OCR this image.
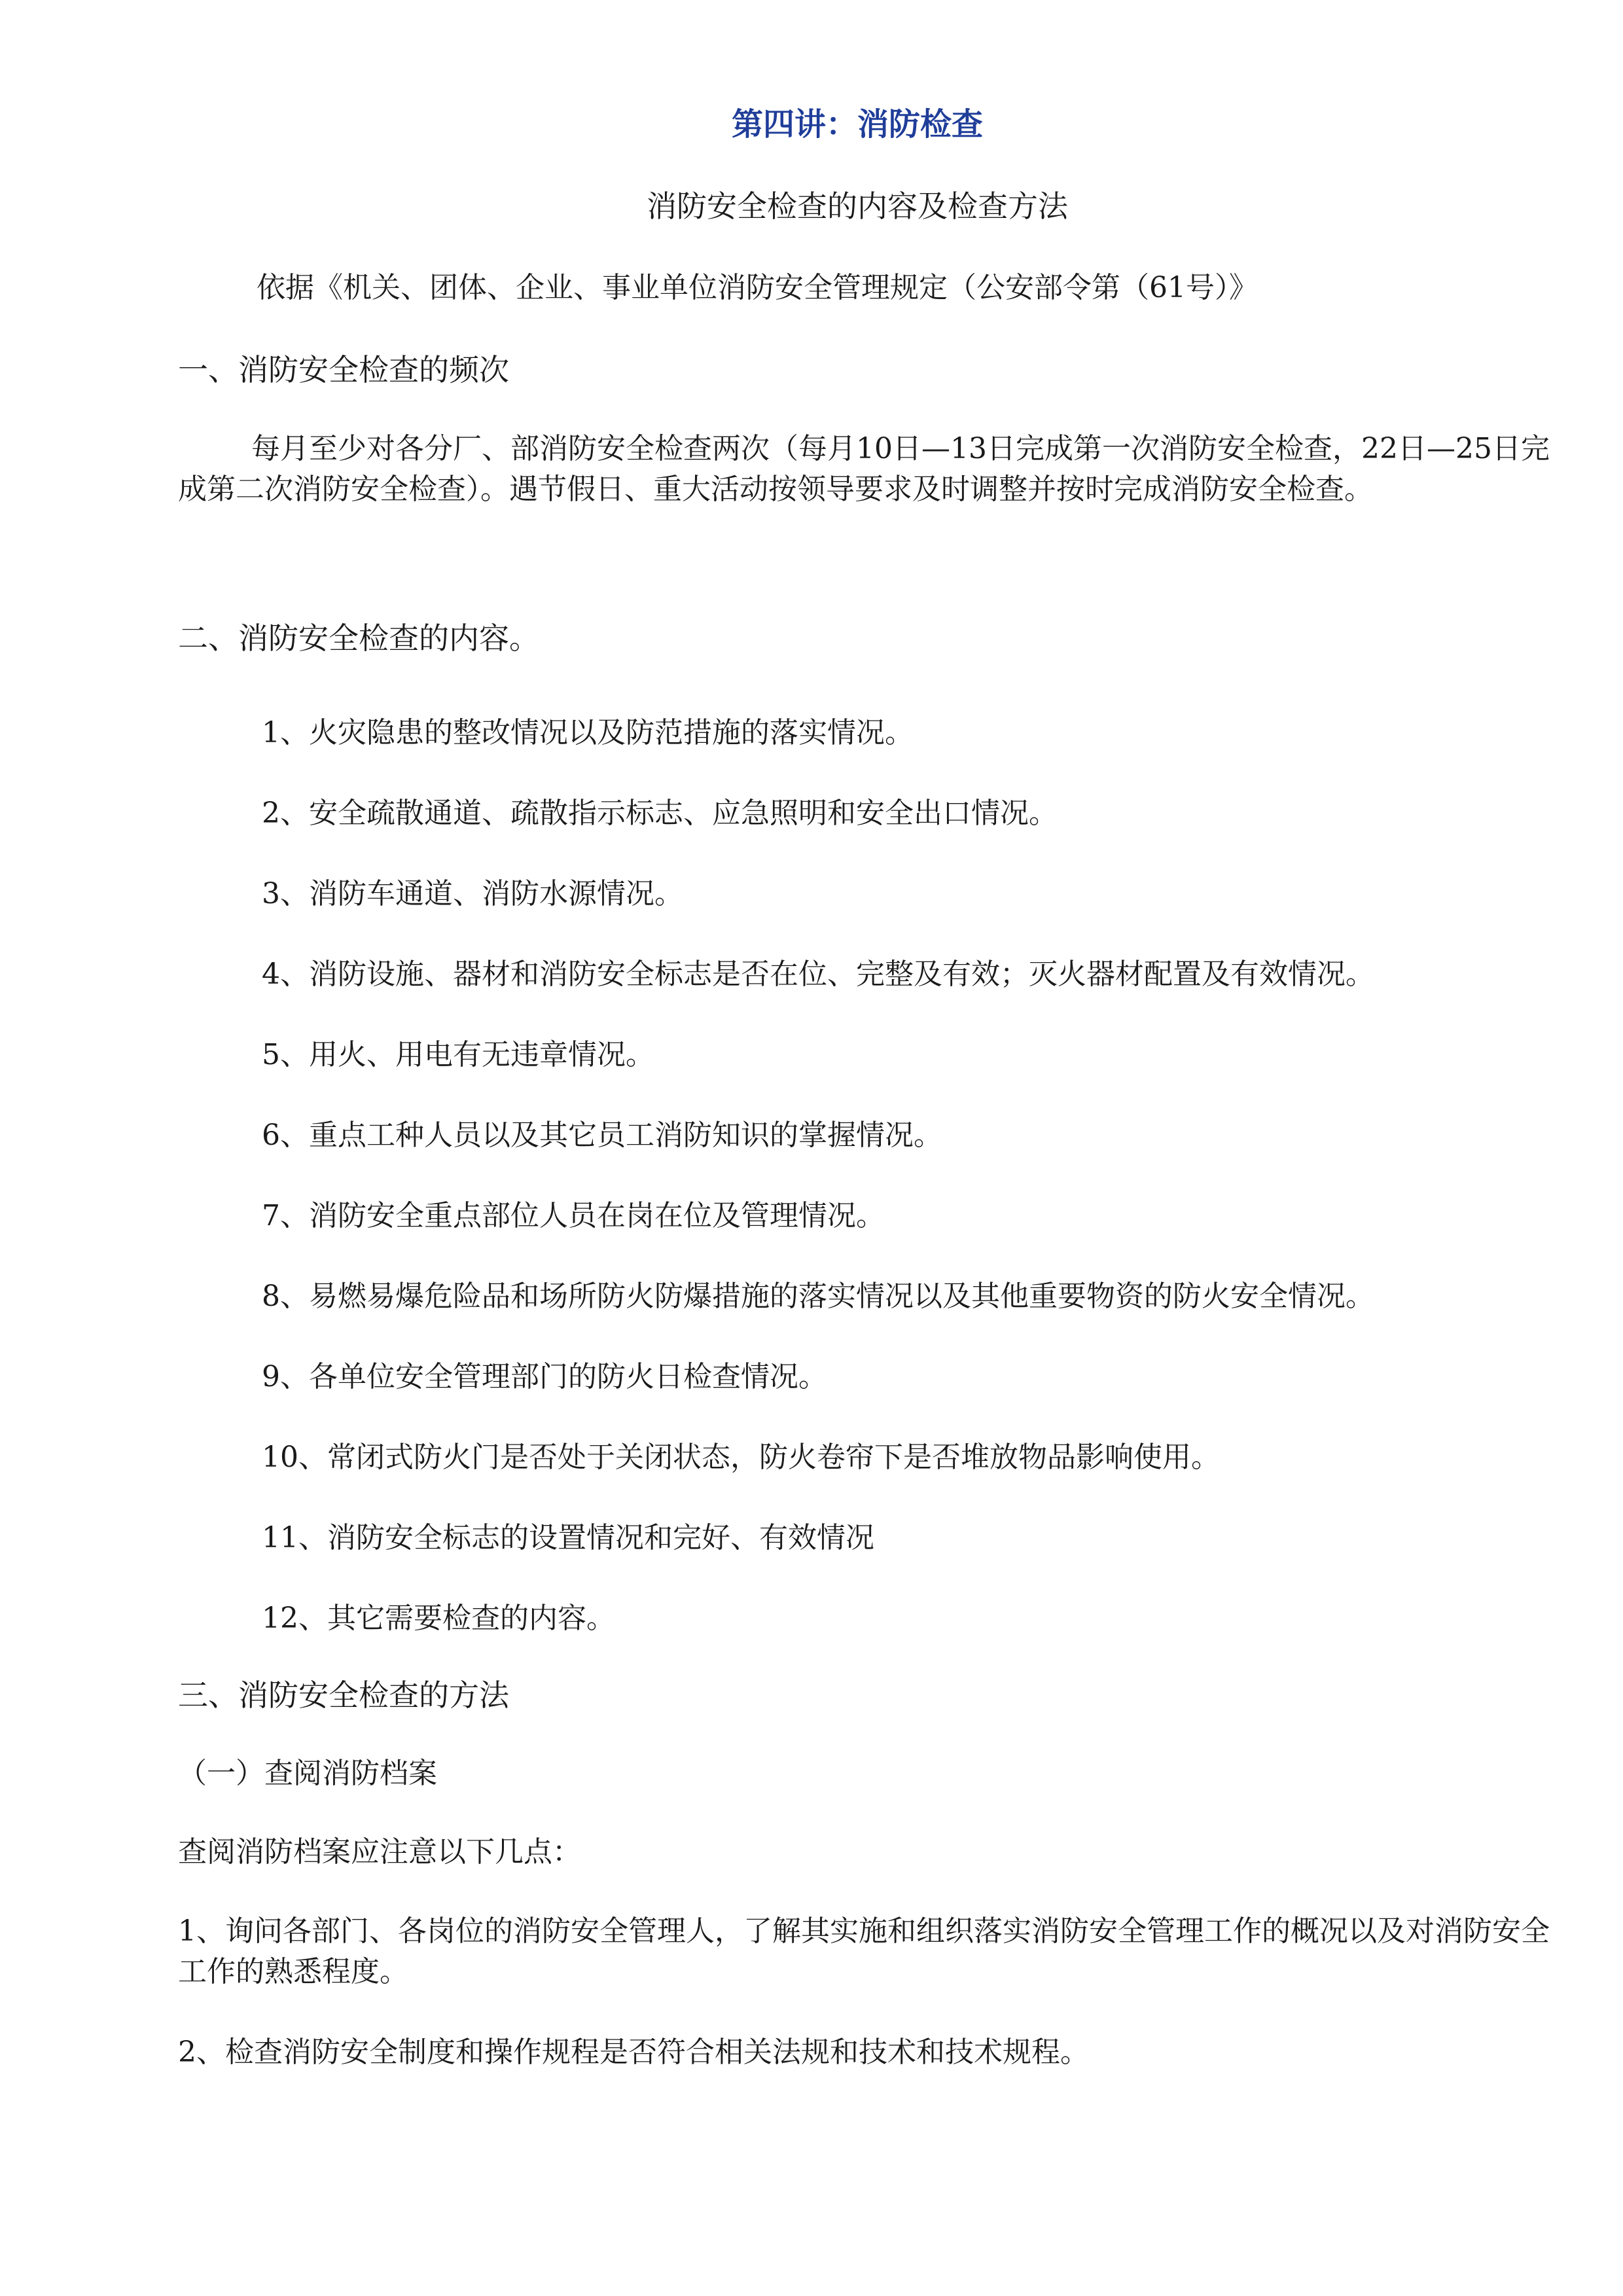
第四讲：消防检查
消防安全检查的内容及检查方法
依据《机关、团体、企业、事业单位消防安全管理规定（公安部令第（61号）》
一、消防安全检查的频次

每月至少对各分厂、部消防安全检查两次（每月10日—13日完成第一次消防安全检查，22日—25日完成第二次消防安全检查）。遇节假日、重大活动按领导要求及时调整并按时完成消防安全检查。

二、消防安全检查的内容。
1、火灾隐患的整改情况以及防范措施的落实情况。
2、安全疏散通道、疏散指示标志、应急照明和安全出口情况。
3、消防车通道、消防水源情况。
4、消防设施、器材和消防安全标志是否在位、完整及有效；灭火器材配置及有效情况。
5、用火、用电有无违章情况。
6、重点工种人员以及其它员工消防知识的掌握情况。
7、消防安全重点部位人员在岗在位及管理情况。
8、易燃易爆危险品和场所防火防爆措施的落实情况以及其他重要物资的防火安全情况。
9、各单位安全管理部门的防火日检查情况。
10、常闭式防火门是否处于关闭状态，防火卷帘下是否堆放物品影响使用。
11、消防安全标志的设置情况和完好、有效情况
12、其它需要检查的内容。
三、消防安全检查的方法
（一）查阅消防档案
查阅消防档案应注意以下几点：

1、询问各部门、各岗位的消防安全管理人，了解其实施和组织落实消防安全管理工作的概况以及对消防安全工作的熟悉程度。

2、检查消防安全制度和操作规程是否符合相关法规和技术和技术规程。
